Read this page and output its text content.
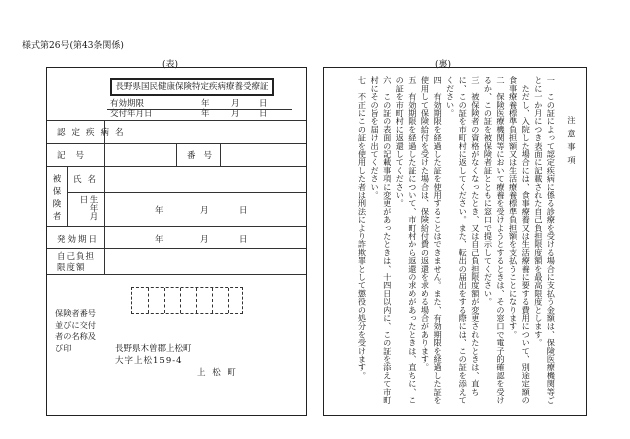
様式第26号(第43条関係)
(表)	(裏)
長野県国民健康保険特定疾病療養受療証
有効期限	年	月 日
交付年月日	年	月 日
認定疾病名
記号	番号
被保険者 氏名
生年月日
年	月	日
発効期日	年	月	日
自己負担限度額
保険者番号並びに交付者の名称及び印	長野県木曽郡上松町
大字上松159-4
上 松 町
注意事項

一　この証によって認定疾病に係る診療を受ける場合に支払う金額は、保険医療機関等ごとに一か月につき表面に記載された自己負担限度額を最高限度とします。

　ただし、入院した場合には、食事療養又は生活療養に要する費用について、別途定額の食事療養標準負担額又は生活療養標準負担額を支払うことになります。

二　保険医療機関等において療養を受けようとするときは、その窓口で電子的確認を受けるか、この証を被保険者証とともに窓口で提示してください。

三　被保険者の資格がなくなったとき、又は自己負担限度額が変更されたときは、直ちに、この証を市町村に返してください。また、転出の届出をする際には、この証を添えてください。

四　有効期限を経過した証を使用することはできません。また、有効期限を経過した証を使用して保険給付を受けた場合は、保険給付費の返還を求める場合があります。

五　有効期限を経過した証について、市町村から返還の求めがあったときは、直ちに、この証を市町村に返還してください。

六　この証の表面の記載事項に変更があったときは、十四日以内に、この証を添えて市町村にその旨を届け出てください。

七　不正にこの証を使用した者は刑法により詐欺罪として懲役の処分を受けます。
